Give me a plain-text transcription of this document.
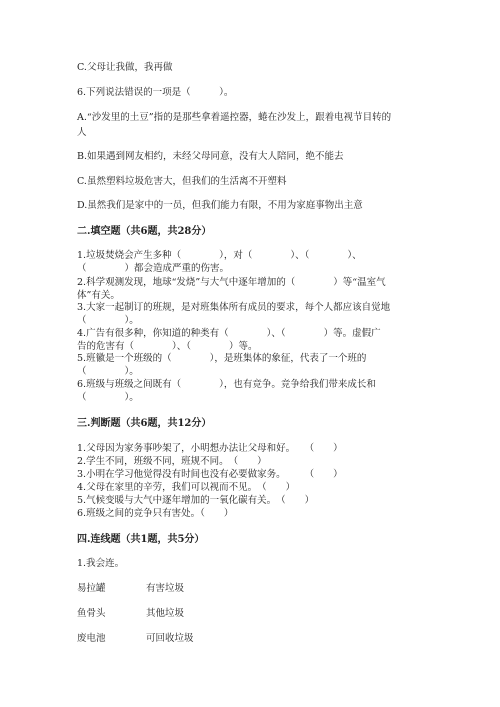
C.父母让我做，我再做
6.下列说法错误的一项是（　　　）。
A.“沙发里的土豆”指的是那些拿着遥控器，蜷在沙发上，跟着电视节目转的
人
B.如果遇到网友相约，未经父母同意，没有大人陪同，绝不能去
C.虽然塑料垃圾危害大，但我们的生活离不开塑料
D.虽然我们是家中的一员，但我们能力有限，不用为家庭事物出主意
二.填空题（共6题，共28分）
1.垃圾焚烧会产生多种（　　　　），对（　　　　）、（　　　　）、
（　　　　）都会造成严重的伤害。
2.科学观测发现，地球“发烧”与大气中逐年增加的（　　　　）等“温室气
体”有关。
3.大家一起制订的班规，是对班集体所有成员的要求，每个人都应该自觉地
（　　　　）。
4.广告有很多种，你知道的种类有（　　　　）、（　　　　）等。虚假广
告的危害有（　　　　）、（　　　　）等。
5.班徽是一个班级的（　　　　），是班集体的象征，代表了一个班的
（　　　　）。
6.班级与班级之间既有（　　　　），也有竞争。竞争给我们带来成长和
（　　　　）。
三.判断题（共6题，共12分）
1.父母因为家务事吵架了，小明想办法让父母和好。　　（　　）
2.学生不同，班级不同，班规不同。　（　　）
3.小明在学习他觉得没有时间也没有必要做家务。　　　（　　）
4.父母在家里的辛劳，我们可以视而不见。　（　　）
5.气候变暖与大气中逐年增加的一氧化碳有关。　（　　）
6.班级之间的竞争只有害处。（　　）
四.连线题（共1题，共5分）
1.我会连。
易拉罐	有害垃圾
鱼骨头	其他垃圾
废电池	可回收垃圾
